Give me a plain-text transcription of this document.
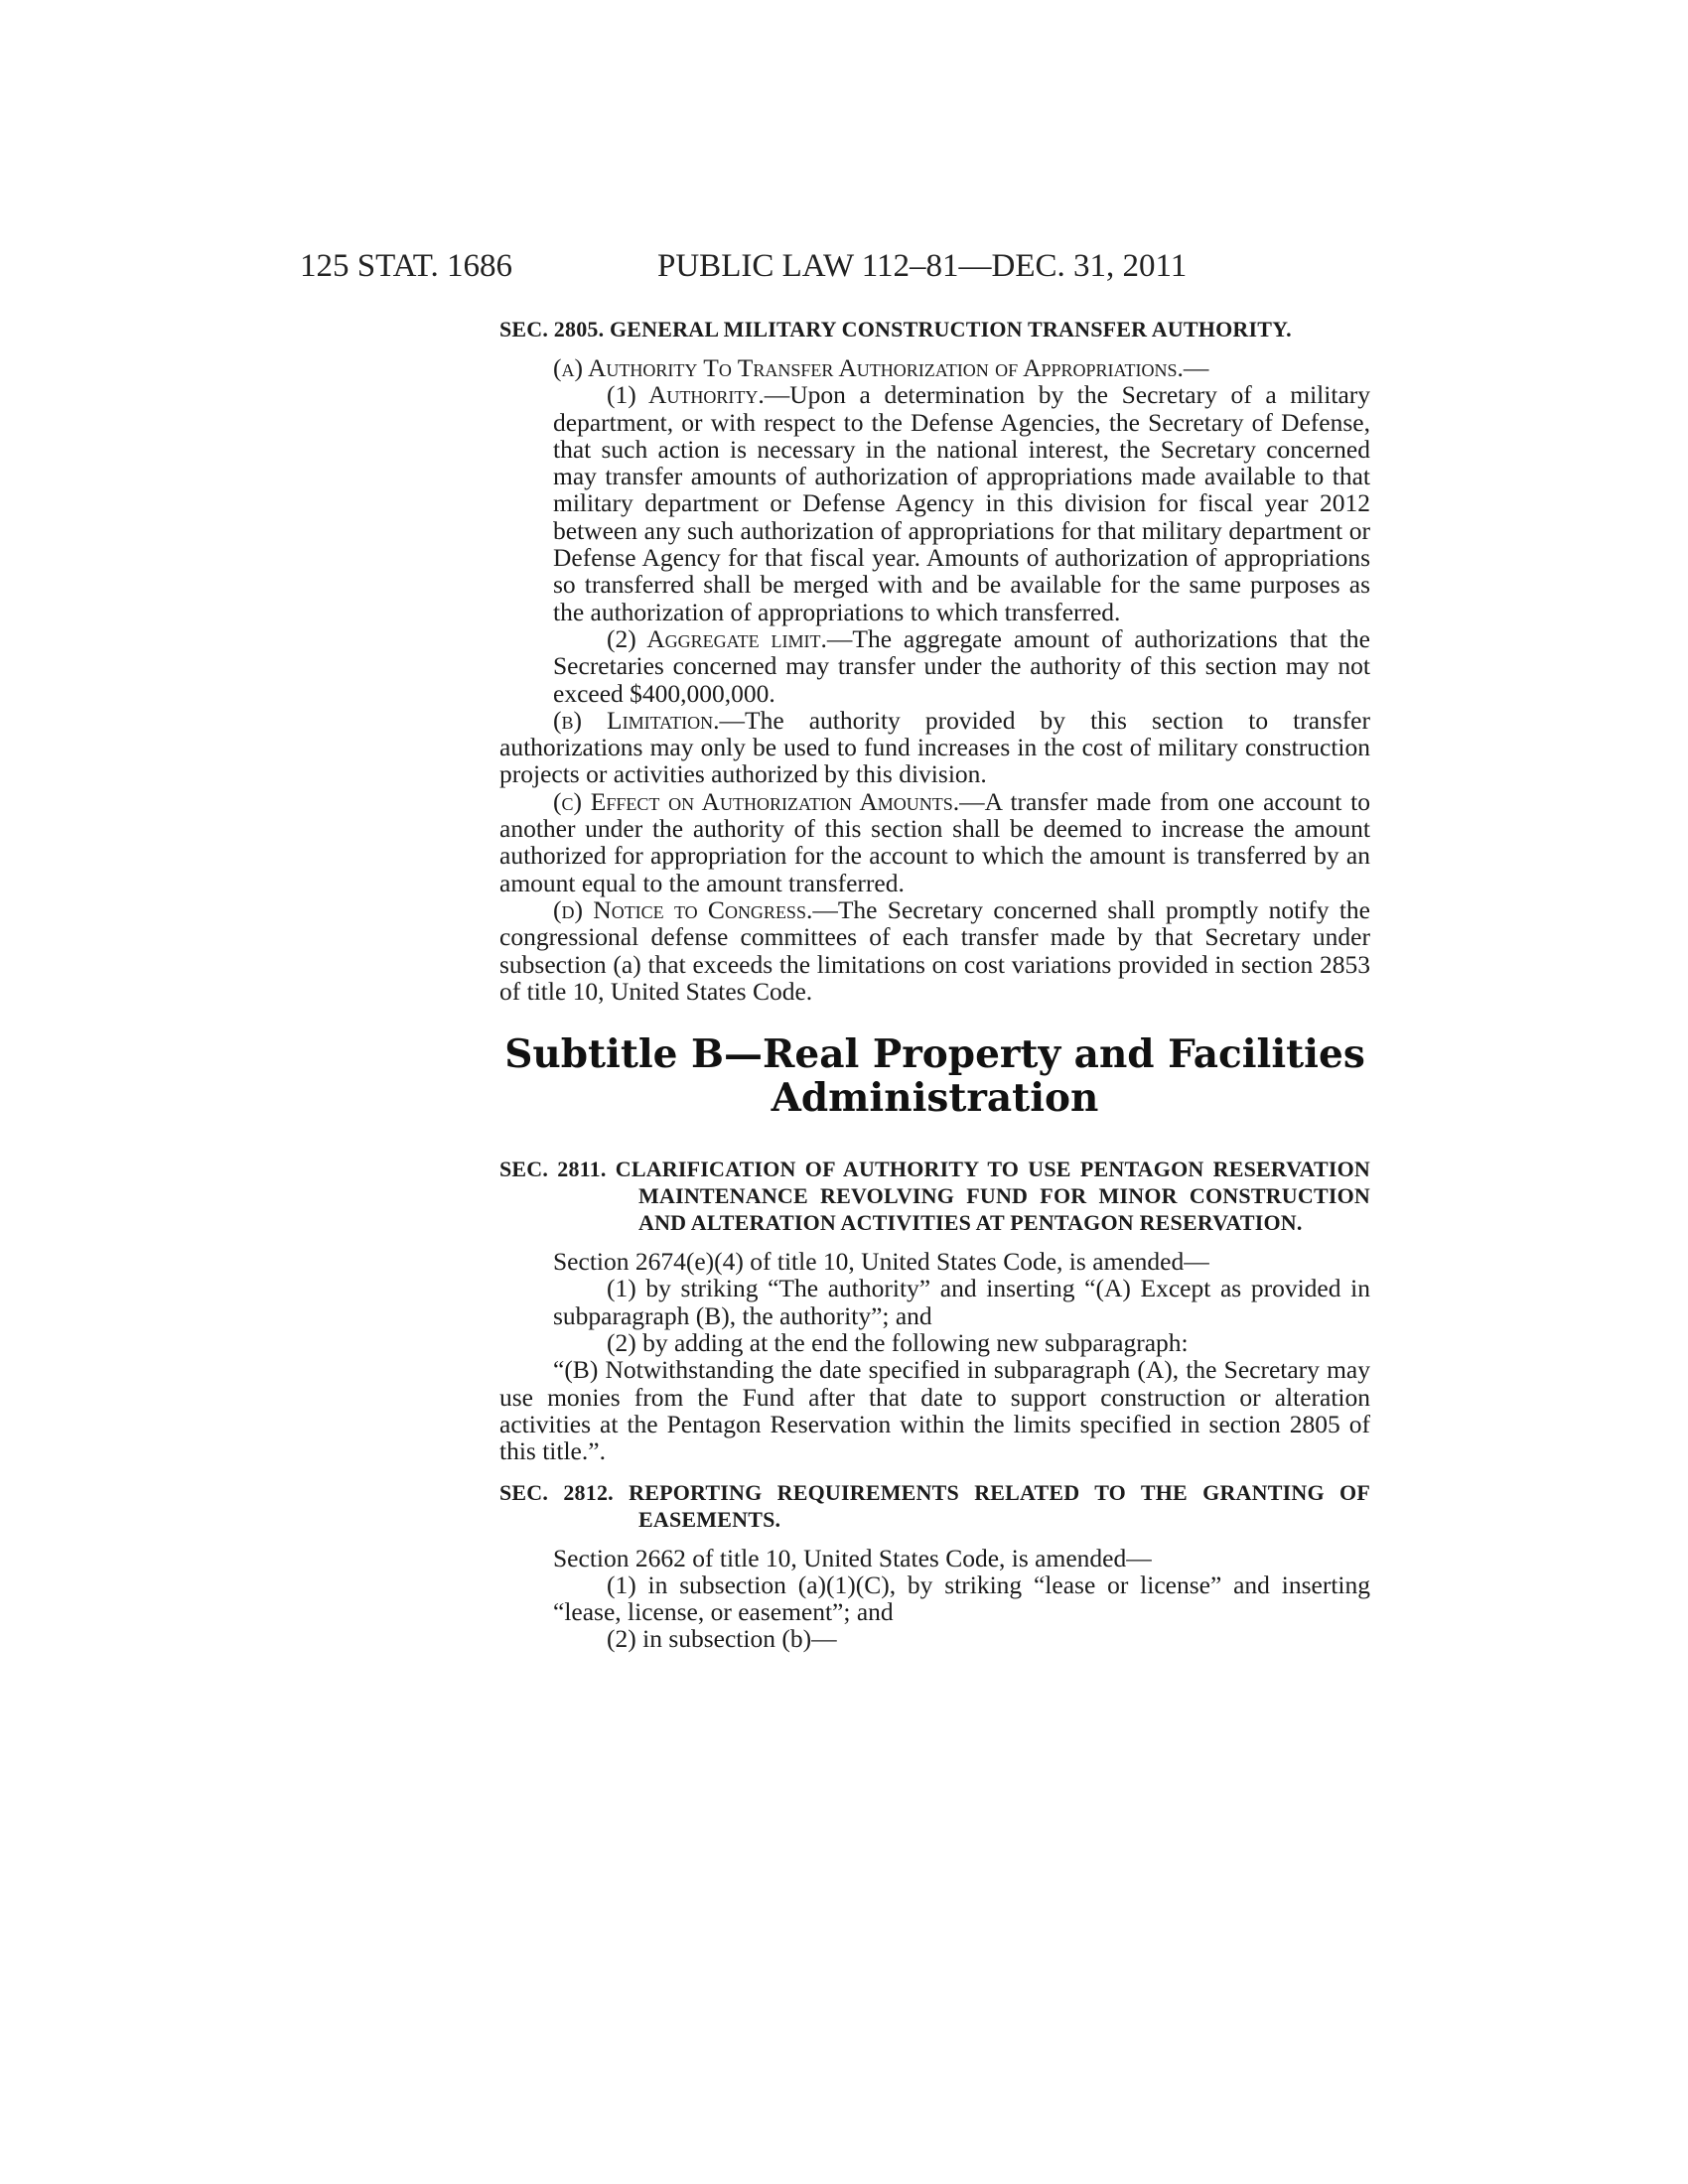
125 STAT. 1686	PUBLIC LAW 112–81—DEC. 31, 2011

SEC. 2805. GENERAL MILITARY CONSTRUCTION TRANSFER AUTHORITY.

(a) Authority To Transfer Authorization of Appropriations.—

(1) Authority.—Upon a determination by the Secretary of a military department, or with respect to the Defense Agencies, the Secretary of Defense, that such action is necessary in the national interest, the Secretary concerned may transfer amounts of authorization of appropriations made available to that military department or Defense Agency in this division for fiscal year 2012 between any such authorization of appropriations for that military department or Defense Agency for that fiscal year. Amounts of authorization of appropriations so transferred shall be merged with and be available for the same purposes as the authorization of appropriations to which transferred.

(2) Aggregate limit.—The aggregate amount of authorizations that the Secretaries concerned may transfer under the authority of this section may not exceed $400,000,000.

(b) Limitation.—The authority provided by this section to transfer authorizations may only be used to fund increases in the cost of military construction projects or activities authorized by this division.

(c) Effect on Authorization Amounts.—A transfer made from one account to another under the authority of this section shall be deemed to increase the amount authorized for appropriation for the account to which the amount is transferred by an amount equal to the amount transferred.

(d) Notice to Congress.—The Secretary concerned shall promptly notify the congressional defense committees of each transfer made by that Secretary under subsection (a) that exceeds the limitations on cost variations provided in section 2853 of title 10, United States Code.

Subtitle B—Real Property and Facilities
Administration

SEC. 2811. CLARIFICATION OF AUTHORITY TO USE PENTAGON RESERVATION MAINTENANCE REVOLVING FUND FOR MINOR CONSTRUCTION AND ALTERATION ACTIVITIES AT PENTAGON RESERVATION.

Section 2674(e)(4) of title 10, United States Code, is amended—

(1) by striking “The authority” and inserting “(A) Except as provided in subparagraph (B), the authority”; and

(2) by adding at the end the following new subparagraph:

“(B) Notwithstanding the date specified in subparagraph (A), the Secretary may use monies from the Fund after that date to support construction or alteration activities at the Pentagon Reservation within the limits specified in section 2805 of this title.”.

SEC. 2812. REPORTING REQUIREMENTS RELATED TO THE GRANTING OF EASEMENTS.

Section 2662 of title 10, United States Code, is amended—

(1) in subsection (a)(1)(C), by striking “lease or license” and inserting “lease, license, or easement”; and

(2) in subsection (b)—
